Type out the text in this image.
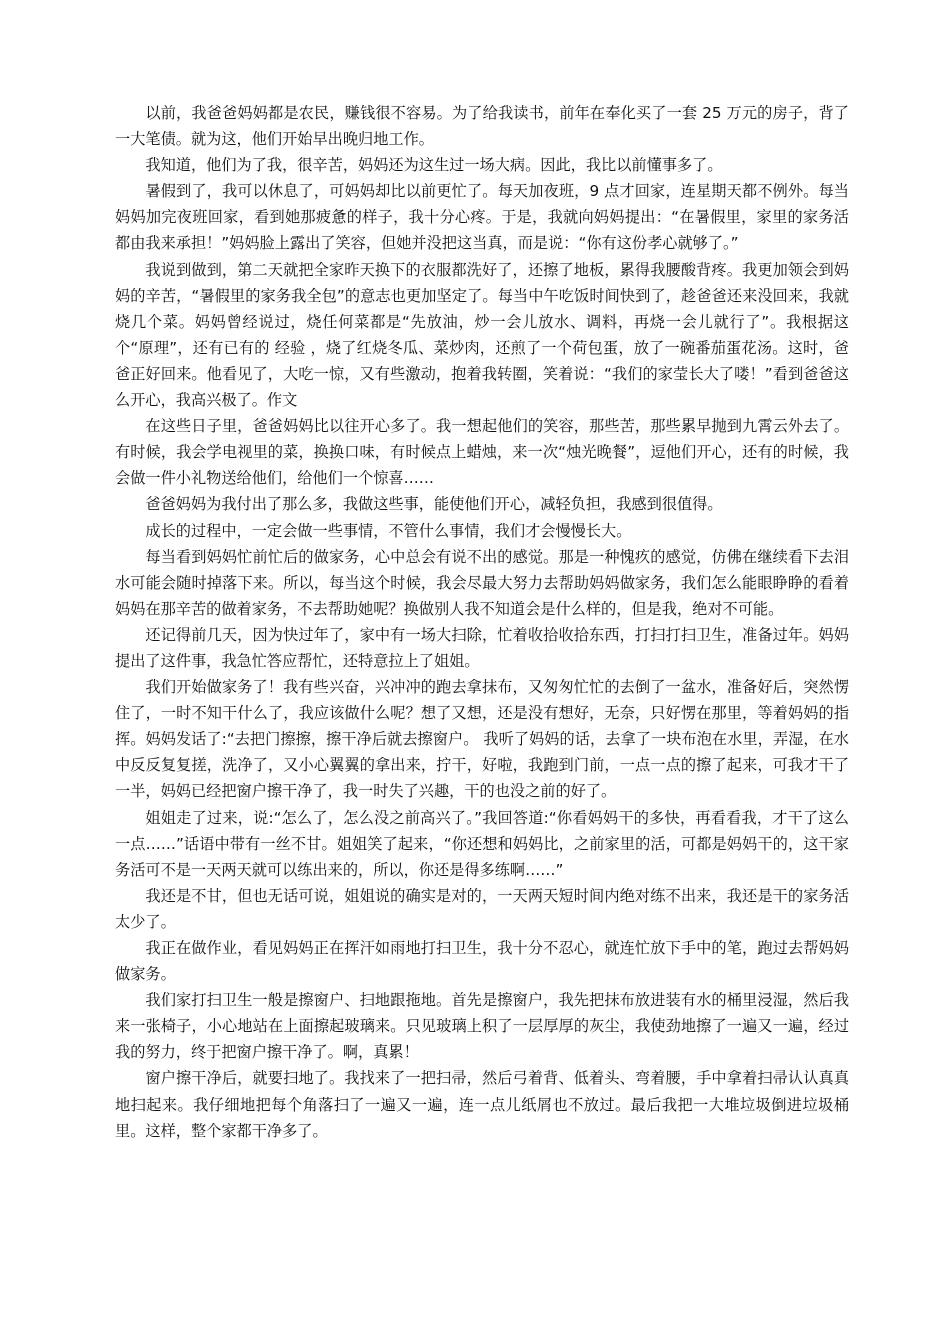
以前，我爸爸妈妈都是农民，赚钱很不容易。为了给我读书，前年在奉化买了一套 25 万元的房子，背了一大笔债。就为这，他们开始早出晚归地工作。

我知道，他们为了我，很辛苦，妈妈还为这生过一场大病。因此，我比以前懂事多了。

暑假到了，我可以休息了，可妈妈却比以前更忙了。每天加夜班，9 点才回家，连星期天都不例外。每当妈妈加完夜班回家，看到她那疲惫的样子，我十分心疼。于是，我就向妈妈提出：“在暑假里，家里的家务活都由我来承担！”妈妈脸上露出了笑容，但她并没把这当真，而是说：“你有这份孝心就够了。”

我说到做到，第二天就把全家昨天换下的衣服都洗好了，还擦了地板，累得我腰酸背疼。我更加领会到妈妈的辛苦，“暑假里的家务我全包”的意志也更加坚定了。每当中午吃饭时间快到了，趁爸爸还来没回来，我就烧几个菜。妈妈曾经说过，烧任何菜都是“先放油，炒一会儿放水、调料，再烧一会儿就行了”。我根据这个“原理”，还有已有的 经验 ，烧了红烧冬瓜、菜炒肉，还煎了一个荷包蛋，放了一碗番茄蛋花汤。这时，爸爸正好回来。他看见了，大吃一惊，又有些激动，抱着我转圈，笑着说：“我们的家莹长大了喽！”看到爸爸这么开心，我高兴极了。作文

在这些日子里，爸爸妈妈比以往开心多了。我一想起他们的笑容，那些苦，那些累早抛到九霄云外去了。有时候，我会学电视里的菜，换换口味，有时候点上蜡烛，来一次“烛光晚餐”，逗他们开心，还有的时候，我会做一件小礼物送给他们，给他们一个惊喜……

爸爸妈妈为我付出了那么多，我做这些事，能使他们开心，减轻负担，我感到很值得。

成长的过程中，一定会做一些事情，不管什么事情，我们才会慢慢长大。

每当看到妈妈忙前忙后的做家务，心中总会有说不出的感觉。那是一种愧疚的感觉，仿佛在继续看下去泪水可能会随时掉落下来。所以，每当这个时候，我会尽最大努力去帮助妈妈做家务，我们怎么能眼睁睁的看着妈妈在那辛苦的做着家务，不去帮助她呢？换做别人我不知道会是什么样的，但是我，绝对不可能。

还记得前几天，因为快过年了，家中有一场大扫除，忙着收拾收拾东西，打扫打扫卫生，准备过年。妈妈提出了这件事，我急忙答应帮忙，还特意拉上了姐姐。

我们开始做家务了！我有些兴奋，兴冲冲的跑去拿抹布，又匆匆忙忙的去倒了一盆水，准备好后，突然愣住了，一时不知干什么了，我应该做什么呢？想了又想，还是没有想好，无奈，只好愣在那里，等着妈妈的指挥。妈妈发话了:“去把门擦擦，擦干净后就去擦窗户。 我听了妈妈的话，去拿了一块布泡在水里，弄湿，在水中反反复复搓，洗净了，又小心翼翼的拿出来，拧干，好啦，我跑到门前，一点一点的擦了起来，可我才干了一半，妈妈已经把窗户擦干净了，我一时失了兴趣，干的也没之前的好了。

姐姐走了过来，说:“怎么了，怎么没之前高兴了。”我回答道:“你看妈妈干的多快，再看看我，才干了这么一点……”话语中带有一丝不甘。姐姐笑了起来，“你还想和妈妈比，之前家里的活，可都是妈妈干的，这干家务活可不是一天两天就可以练出来的，所以，你还是得多练啊……”

我还是不甘，但也无话可说，姐姐说的确实是对的，一天两天短时间内绝对练不出来，我还是干的家务活太少了。

我正在做作业，看见妈妈正在挥汗如雨地打扫卫生，我十分不忍心，就连忙放下手中的笔，跑过去帮妈妈做家务。

我们家打扫卫生一般是擦窗户、扫地跟拖地。首先是擦窗户，我先把抹布放进装有水的桶里浸湿，然后我来一张椅子，小心地站在上面擦起玻璃来。只见玻璃上积了一层厚厚的灰尘，我使劲地擦了一遍又一遍，经过我的努力，终于把窗户擦干净了。啊，真累！

窗户擦干净后，就要扫地了。我找来了一把扫帚，然后弓着背、低着头、弯着腰，手中拿着扫帚认认真真地扫起来。我仔细地把每个角落扫了一遍又一遍，连一点儿纸屑也不放过。最后我把一大堆垃圾倒进垃圾桶里。这样，整个家都干净多了。
